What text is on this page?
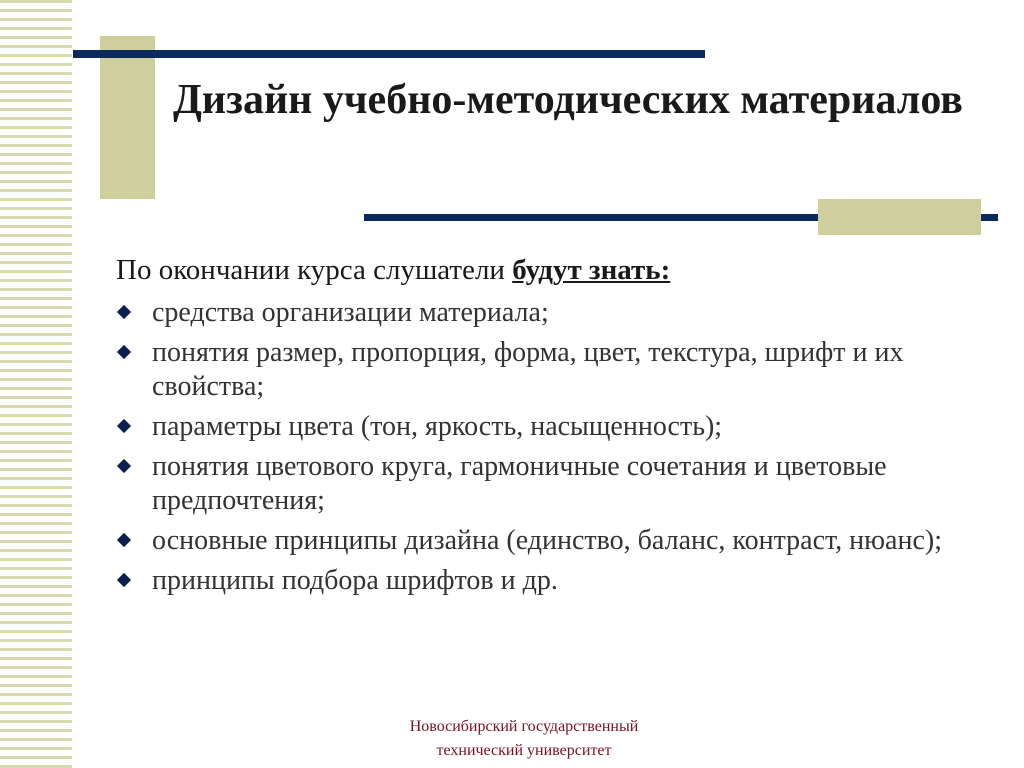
Дизайн учебно-методических материалов

По окончании курса слушатели будут знать:

средства организации материала;
понятия размер, пропорция, форма, цвет, текстура, шрифт и их свойства;
параметры цвета (тон, яркость, насыщенность);
понятия цветового круга, гармоничные сочетания и цветовые предпочтения;
основные принципы дизайна (единство, баланс, контраст, нюанс);
принципы подбора шрифтов и др.
Новосибирский государственный
технический университет
